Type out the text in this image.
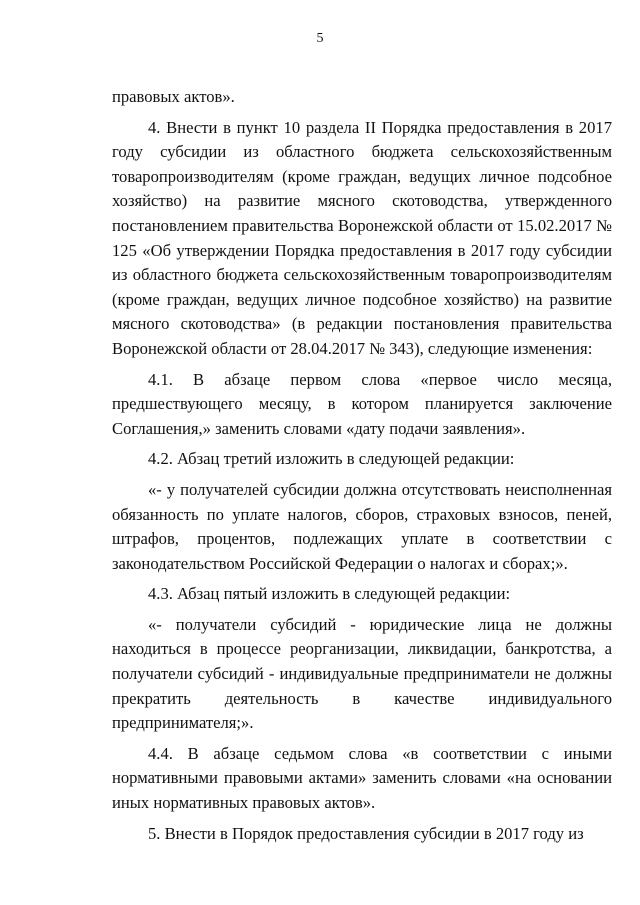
5

правовых актов».

4. Внести в пункт 10 раздела II Порядка предоставления в 2017 году субсидии из областного бюджета сельскохозяйственным товаропроизводителям (кроме граждан, ведущих личное подсобное хозяйство) на развитие мясного скотоводства, утвержденного постановлением правительства Воронежской области от 15.02.2017 № 125 «Об утверждении Порядка предоставления в 2017 году субсидии из областного бюджета сельскохозяйственным товаропроизводителям (кроме граждан, ведущих личное подсобное хозяйство) на развитие мясного скотоводства» (в редакции постановления правительства Воронежской области от 28.04.2017 № 343), следующие изменения:

4.1. В абзаце первом слова «первое число месяца, предшествующего месяцу, в котором планируется заключение Соглашения,» заменить словами «дату подачи заявления».

4.2. Абзац третий изложить в следующей редакции:

«- у получателей субсидии должна отсутствовать неисполненная обязанность по уплате налогов, сборов, страховых взносов, пеней, штрафов, процентов, подлежащих уплате в соответствии с законодательством Российской Федерации о налогах и сборах;».

4.3. Абзац пятый изложить в следующей редакции:

«- получатели субсидий - юридические лица не должны находиться в процессе реорганизации, ликвидации, банкротства, а получатели субсидий - индивидуальные предприниматели не должны прекратить деятельность в качестве индивидуального предпринимателя;».

4.4. В абзаце седьмом слова «в соответствии с иными нормативными правовыми актами» заменить словами «на основании иных нормативных правовых актов».

5. Внести в Порядок предоставления субсидии в 2017 году из
